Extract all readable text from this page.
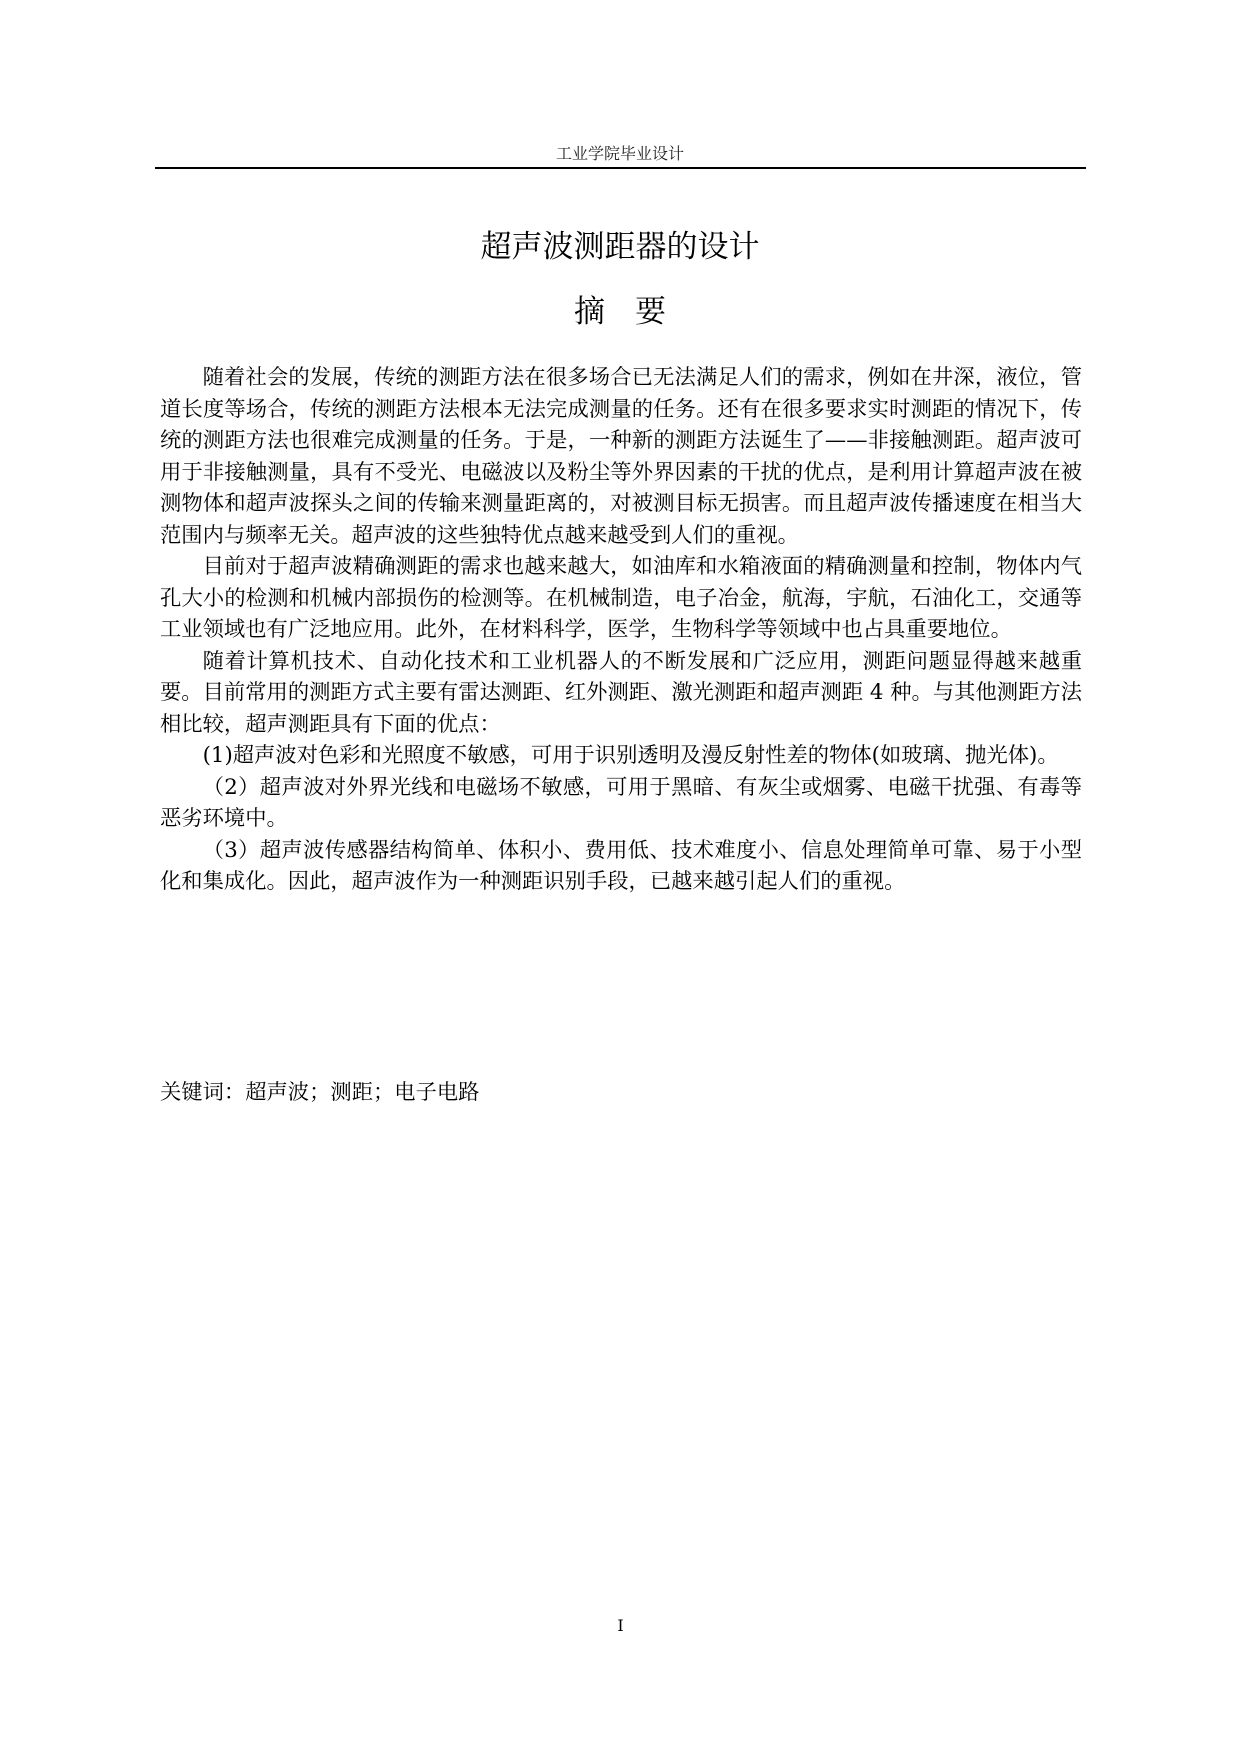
工业学院毕业设计
超声波测距器的设计
摘要

随着社会的发展，传统的测距方法在很多场合已无法满足人们的需求，例如在井深，液位，管道长度等场合，传统的测距方法根本无法完成测量的任务。还有在很多要求实时测距的情况下，传统的测距方法也很难完成测量的任务。于是，一种新的测距方法诞生了——非接触测距。超声波可用于非接触测量，具有不受光、电磁波以及粉尘等外界因素的干扰的优点，是利用计算超声波在被测物体和超声波探头之间的传输来测量距离的，对被测目标无损害。而且超声波传播速度在相当大范围内与频率无关。超声波的这些独特优点越来越受到人们的重视。

目前对于超声波精确测距的需求也越来越大，如油库和水箱液面的精确测量和控制，物体内气孔大小的检测和机械内部损伤的检测等。在机械制造，电子冶金，航海，宇航，石油化工，交通等工业领域也有广泛地应用。此外，在材料科学，医学，生物科学等领域中也占具重要地位。

随着计算机技术、自动化技术和工业机器人的不断发展和广泛应用，测距问题显得越来越重要。目前常用的测距方式主要有雷达测距、红外测距、激光测距和超声测距 4 种。与其他测距方法相比较，超声测距具有下面的优点：

(1)超声波对色彩和光照度不敏感，可用于识别透明及漫反射性差的物体(如玻璃、抛光体)。

（2）超声波对外界光线和电磁场不敏感，可用于黑暗、有灰尘或烟雾、电磁干扰强、有毒等恶劣环境中。

（3）超声波传感器结构简单、体积小、费用低、技术难度小、信息处理简单可靠、易于小型化和集成化。因此，超声波作为一种测距识别手段，已越来越引起人们的重视。

关键词：超声波；测距；电子电路
I
